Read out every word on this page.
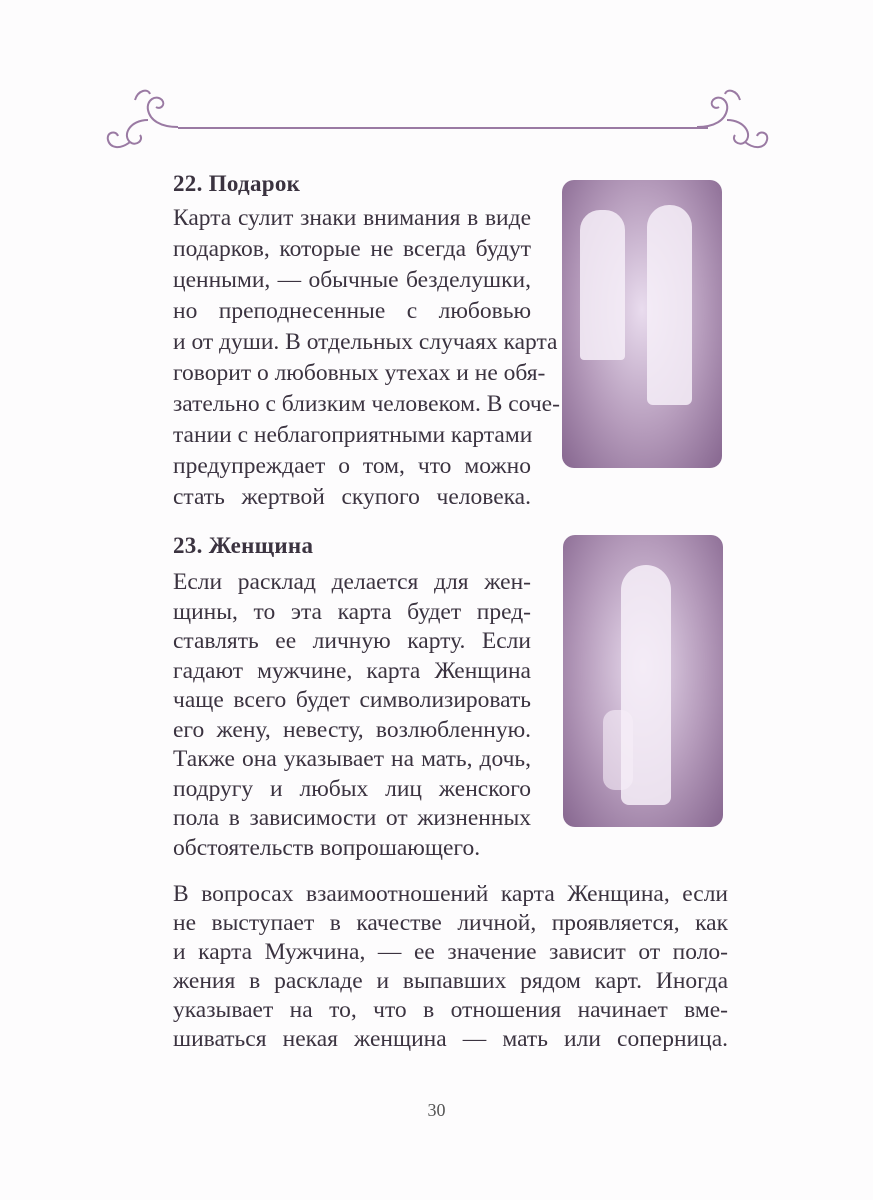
22. Подарок
Карта сулит знаки внимания в виде
подарков, которые не всегда будут
ценными, — обычные безделушки,
но преподнесенные с любовью
и от души. В отдельных случаях карта
говорит о любовных утехах и не обя-
зательно с близким человеком. В соче-
тании с неблагоприятными картами
предупреждает о том, что можно
стать жертвой скупого человека.
23. Женщина
Если расклад делается для жен-
щины, то эта карта будет пред-
ставлять ее личную карту. Если
гадают мужчине, карта Женщина
чаще всего будет символизировать
его жену, невесту, возлюбленную.
Также она указывает на мать, дочь,
подругу и любых лиц женского
пола в зависимости от жизненных
обстоятельств вопрошающего.
В вопросах взаимоотношений карта Женщина, если
не выступает в качестве личной, проявляется, как
и карта Мужчина, — ее значение зависит от поло-
жения в раскладе и выпавших рядом карт. Иногда
указывает на то, что в отношения начинает вме-
шиваться некая женщина — мать или соперница.
30
